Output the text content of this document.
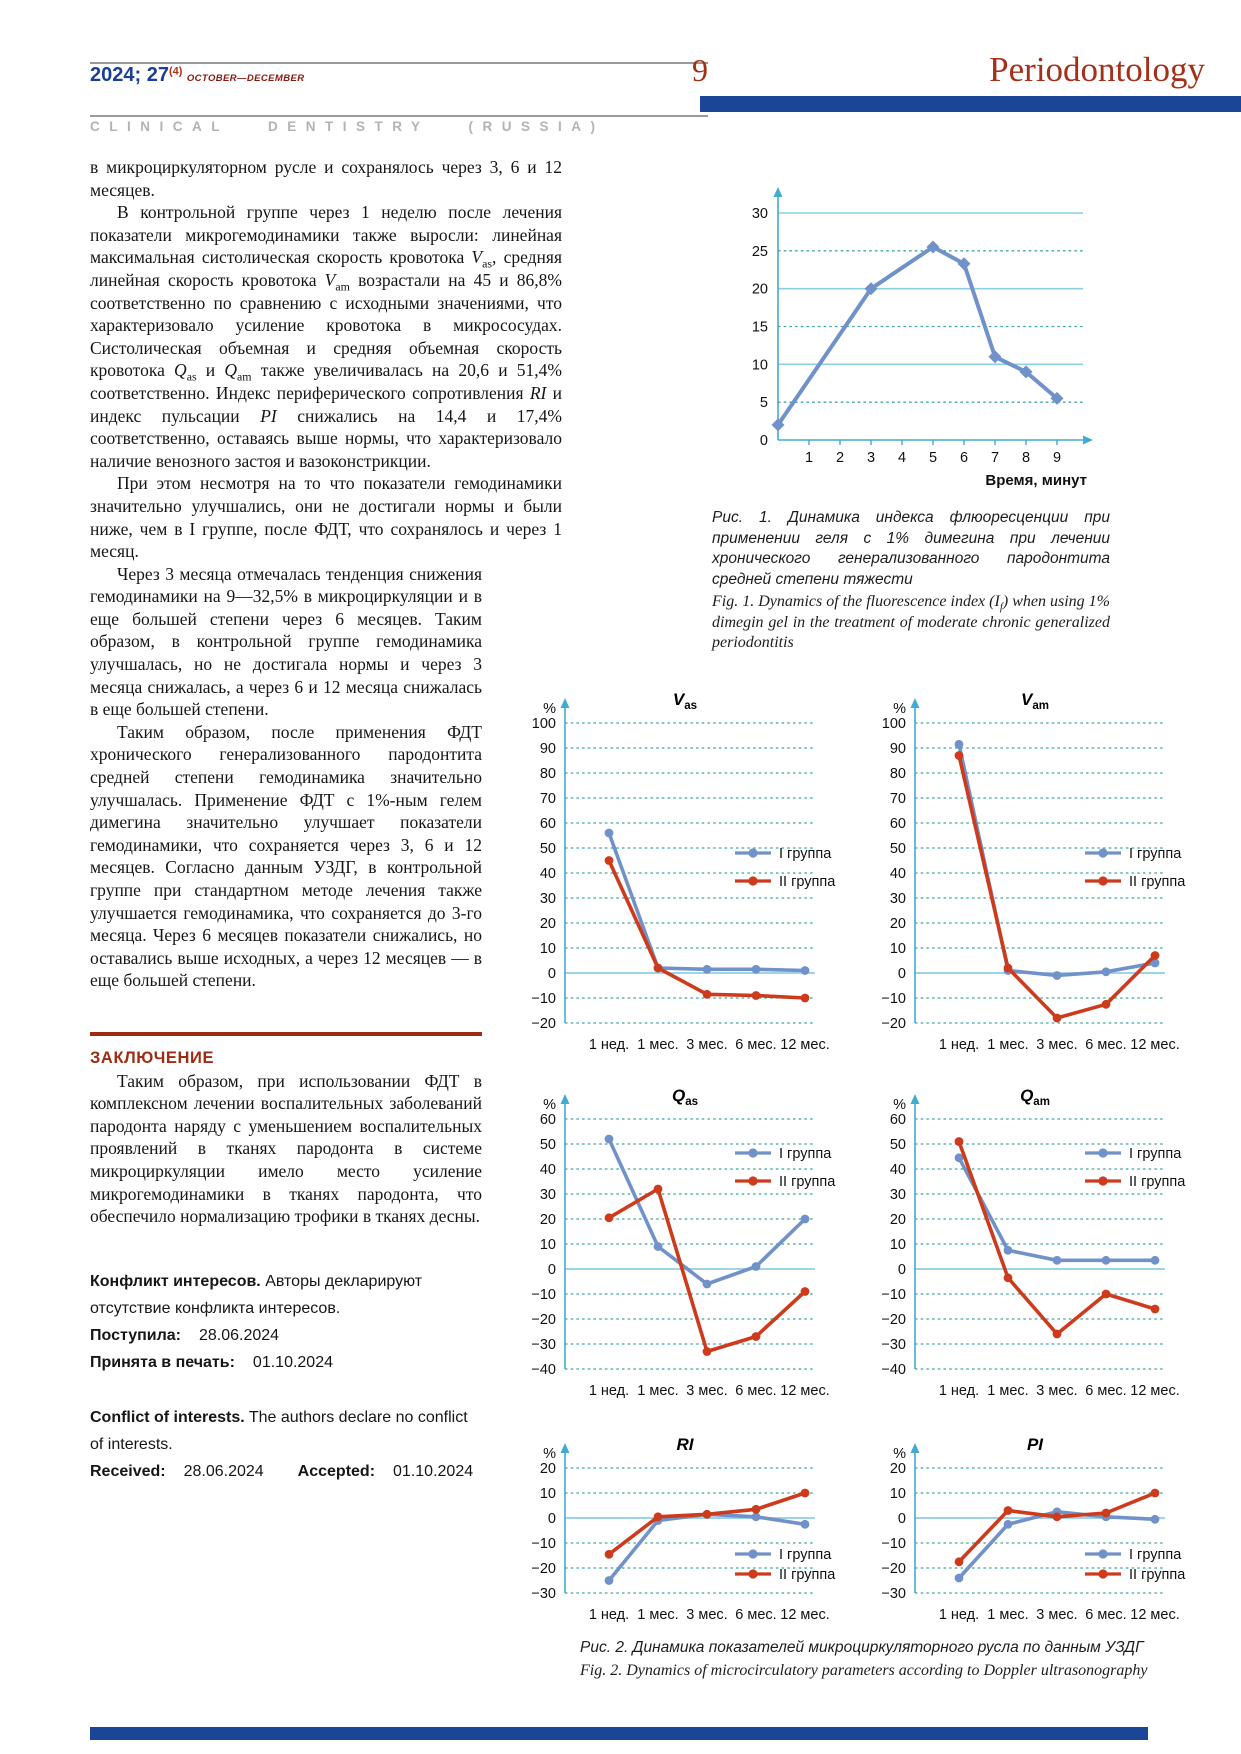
2024; 27$^{(4)}$ OCTOBER—DECEMBER	9
CLINICAL DENTISTRY (RUSSIA)
Periodontology

в микроциркуляторном русле и сохранялось через 3, 6 и 12 месяцев.

В контрольной группе через 1 неделю после лечения показатели микрогемодинамики также выросли: линейная максимальная систолическая скорость кровотока $V_{as}$, средняя линейная скорость кровотока $V_{am}$ возрастали на 45 и 86,8% соответственно по сравнению с исходными значениями, что характеризовало усиление кровотока в микрососудах. Систолическая объемная и средняя объемная скорость кровотока $Q_{as}$ и $Q_{am}$ также увеличивалась на 20,6 и 51,4% соответственно. Индекс периферического сопротивления RI и индекс пульсации PI снижались на 14,4 и 17,4% соответственно, оставаясь выше нормы, что характеризовало наличие венозного застоя и вазоконстрикции.

При этом несмотря на то что показатели гемодинамики значительно улучшались, они не достигали нормы и были ниже, чем в I группе, после ФДТ, что сохранялось и через 1 месяц.

Через 3 месяца отмечалась тенденция снижения гемодинамики на 9—32,5% в микроциркуляции и в еще большей степени через 6 месяцев. Таким образом, в контрольной группе гемодинамика улучшалась, но не достигала нормы и через 3 месяца снижалась, а через 6 и 12 месяца снижалась в еще большей степени.

Таким образом, после применения ФДТ хронического генерализованного пародонтита средней степени гемодинамика значительно улучшалась. Применение ФДТ с 1%-ным гелем димегина значительно улучшает показатели гемодинамики, что сохраняется через 3, 6 и 12 месяцев. Согласно данным УЗДГ, в контрольной группе при стандартном методе лечения также улучшается гемодинамика, что сохраняется до 3-го месяца. Через 6 месяцев показатели снижались, но оставались выше исходных, а через 12 месяцев — в еще большей степени.

ЗАКЛЮЧЕНИЕ

Таким образом, при использовании ФДТ в комплексном лечении воспалительных заболеваний пародонта наряду с уменьшением воспалительных проявлений в тканях пародонта в системе микроциркуляции имело место усиление микрогемодинамики в тканях пародонта, что обеспечило нормализацию трофики в тканях десны.

Конфликт интересов. Авторы декларируют отсутствие конфликта интересов.
Поступила: 28.06.2024
Принята в печать: 01.10.2024
Conflict of interests. The authors declare no conflict of interests.
Received: 28.06.2024 Accepted: 01.10.2024
0
5
10
15
20
25
30
1 2 3 4 5 6 7 8 9
Время, минут

Рис. 1. Динамика индекса флюоресценции при применении геля с 1% димегина при лечении хронического генерализованного пародонтита средней степени тяжести

Fig. 1. Dynamics of the fluorescence index $(I_f)$ when using 1% dimegin gel in the treatment of moderate chronic generalized periodontitis

−20
−10
0
10
20
30
40
50
60
70
80
90
100
%
1 нед. 1 мес. 3 мес. 6 мес. 12 мес.
I группа
II группа
$V_{as}$
−20
−10
0
10
20
30
40
50
60
70
80
90
100
%
1 нед. 1 мес. 3 мес. 6 мес. 12 мес.
I группа
II группа
$V_{am}$
−40
−30
−20
−10
0
10
20
30
40
50
60
%
1 нед. 1 мес. 3 мес. 6 мес. 12 мес.
I группа
II группа
$Q_{as}$
−40
−30
−20
−10
0
10
20
30
40
50
60
%
1 нед. 1 мес. 3 мес. 6 мес. 12 мес.
I группа
II группа
$Q_{am}$
−30
−20
−10
0
10
20
%
1 нед. 1 мес. 3 мес. 6 мес. 12 мес.
I группа
II группа
RI
−30
−20
−10
0
10
20
%
1 нед. 1 мес. 3 мес. 6 мес. 12 мес.
I группа
II группа
PI

Рис. 2. Динамика показателей микроциркуляторного русла по данным УЗДГ

Fig. 2. Dynamics of microcirculatory parameters according to Doppler ultrasonography
